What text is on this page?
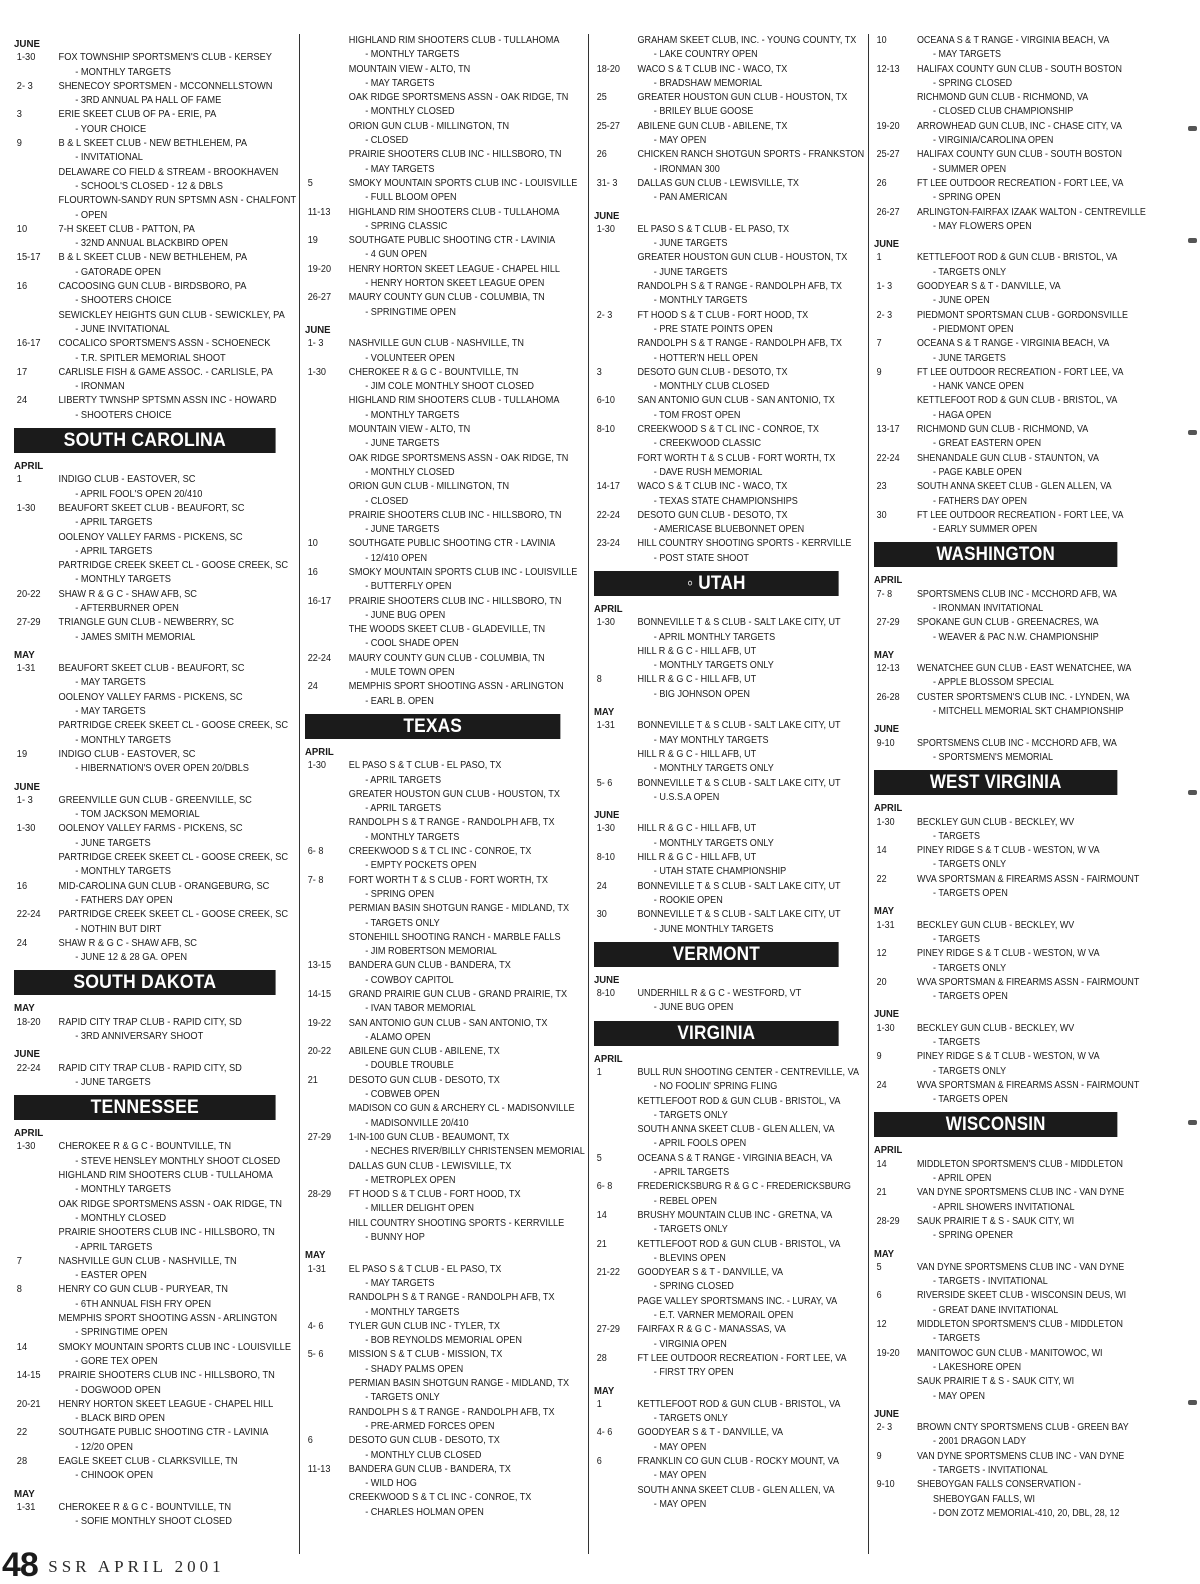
JUNE
1-30	FOX TOWNSHIP SPORTSMEN'S CLUB - KERSEY
- MONTHLY TARGETS
2- 3	SHENECOY SPORTSMEN - MCCONNELLSTOWN
- 3RD ANNUAL PA HALL OF FAME
3	ERIE SKEET CLUB OF PA - ERIE, PA
- YOUR CHOICE
9	B & L SKEET CLUB - NEW BETHLEHEM, PA
- INVITATIONAL
DELAWARE CO FIELD & STREAM - BROOKHAVEN
- SCHOOL'S CLOSED - 12 & DBLS
FLOURTOWN-SANDY RUN SPTSMN ASN - CHALFONT
- OPEN
10	7-H SKEET CLUB - PATTON, PA
- 32ND ANNUAL BLACKBIRD OPEN
15-17	B & L SKEET CLUB - NEW BETHLEHEM, PA
- GATORADE OPEN
16	CACOOSING GUN CLUB - BIRDSBORO, PA
- SHOOTERS CHOICE
SEWICKLEY HEIGHTS GUN CLUB - SEWICKLEY, PA
- JUNE INVITATIONAL
16-17	COCALICO SPORTSMEN'S ASSN - SCHOENECK
- T.R. SPITLER MEMORIAL SHOOT
17	CARLISLE FISH & GAME ASSOC. - CARLISLE, PA
- IRONMAN
24	LIBERTY TWNSHP SPTSMN ASSN INC - HOWARD
- SHOOTERS CHOICE
SOUTH CAROLINA
APRIL
1	INDIGO CLUB - EASTOVER, SC
- APRIL FOOL'S OPEN 20/410
1-30	BEAUFORT SKEET CLUB - BEAUFORT, SC
- APRIL TARGETS
OOLENOY VALLEY FARMS - PICKENS, SC
- APRIL TARGETS
PARTRIDGE CREEK SKEET CL - GOOSE CREEK, SC
- MONTHLY TARGETS
20-22	SHAW R & G C - SHAW AFB, SC
- AFTERBURNER OPEN
27-29	TRIANGLE GUN CLUB - NEWBERRY, SC
- JAMES SMITH MEMORIAL
MAY
1-31	BEAUFORT SKEET CLUB - BEAUFORT, SC
- MAY TARGETS
OOLENOY VALLEY FARMS - PICKENS, SC
- MAY TARGETS
PARTRIDGE CREEK SKEET CL - GOOSE CREEK, SC
- MONTHLY TARGETS
19	INDIGO CLUB - EASTOVER, SC
- HIBERNATION'S OVER OPEN 20/DBLS
JUNE
1- 3	GREENVILLE GUN CLUB - GREENVILLE, SC
- TOM JACKSON MEMORIAL
1-30	OOLENOY VALLEY FARMS - PICKENS, SC
- JUNE TARGETS
PARTRIDGE CREEK SKEET CL - GOOSE CREEK, SC
- MONTHLY TARGETS
16	MID-CAROLINA GUN CLUB - ORANGEBURG, SC
- FATHERS DAY OPEN
22-24	PARTRIDGE CREEK SKEET CL - GOOSE CREEK, SC
- NOTHIN BUT DIRT
24	SHAW R & G C - SHAW AFB, SC
- JUNE 12 & 28 GA. OPEN
SOUTH DAKOTA
MAY
18-20	RAPID CITY TRAP CLUB - RAPID CITY, SD
- 3RD ANNIVERSARY SHOOT
JUNE
22-24	RAPID CITY TRAP CLUB - RAPID CITY, SD
- JUNE TARGETS
TENNESSEE
APRIL
1-30	CHEROKEE R & G C - BOUNTVILLE, TN
- STEVE HENSLEY MONTHLY SHOOT CLOSED
HIGHLAND RIM SHOOTERS CLUB - TULLAHOMA
- MONTHLY TARGETS
OAK RIDGE SPORTSMENS ASSN - OAK RIDGE, TN
- MONTHLY CLOSED
PRAIRIE SHOOTERS CLUB INC - HILLSBORO, TN
- APRIL TARGETS
7	NASHVILLE GUN CLUB - NASHVILLE, TN
- EASTER OPEN
8	HENRY CO GUN CLUB - PURYEAR, TN
- 6TH ANNUAL FISH FRY OPEN
MEMPHIS SPORT SHOOTING ASSN - ARLINGTON
- SPRINGTIME OPEN
14	SMOKY MOUNTAIN SPORTS CLUB INC - LOUISVILLE
- GORE TEX OPEN
14-15	PRAIRIE SHOOTERS CLUB INC - HILLSBORO, TN
- DOGWOOD OPEN
20-21	HENRY HORTON SKEET LEAGUE - CHAPEL HILL
- BLACK BIRD OPEN
22	SOUTHGATE PUBLIC SHOOTING CTR - LAVINIA
- 12/20 OPEN
28	EAGLE SKEET CLUB - CLARKSVILLE, TN
- CHINOOK OPEN
MAY
1-31	CHEROKEE R & G C - BOUNTVILLE, TN
- SOFIE MONTHLY SHOOT CLOSED
HIGHLAND RIM SHOOTERS CLUB - TULLAHOMA
- MONTHLY TARGETS
MOUNTAIN VIEW - ALTO, TN
- MAY TARGETS
OAK RIDGE SPORTSMENS ASSN - OAK RIDGE, TN
- MONTHLY CLOSED
ORION GUN CLUB - MILLINGTON, TN
- CLOSED
PRAIRIE SHOOTERS CLUB INC - HILLSBORO, TN
- MAY TARGETS
5	SMOKY MOUNTAIN SPORTS CLUB INC - LOUISVILLE
- FULL BLOOM OPEN
11-13	HIGHLAND RIM SHOOTERS CLUB - TULLAHOMA
- SPRING CLASSIC
19	SOUTHGATE PUBLIC SHOOTING CTR - LAVINIA
- 4 GUN OPEN
19-20	HENRY HORTON SKEET LEAGUE - CHAPEL HILL
- HENRY HORTON SKEET LEAGUE OPEN
26-27	MAURY COUNTY GUN CLUB - COLUMBIA, TN
- SPRINGTIME OPEN
JUNE
1- 3	NASHVILLE GUN CLUB - NASHVILLE, TN
- VOLUNTEER OPEN
1-30	CHEROKEE R & G C - BOUNTVILLE, TN
- JIM COLE MONTHLY SHOOT CLOSED
HIGHLAND RIM SHOOTERS CLUB - TULLAHOMA
- MONTHLY TARGETS
MOUNTAIN VIEW - ALTO, TN
- JUNE TARGETS
OAK RIDGE SPORTSMENS ASSN - OAK RIDGE, TN
- MONTHLY CLOSED
ORION GUN CLUB - MILLINGTON, TN
- CLOSED
PRAIRIE SHOOTERS CLUB INC - HILLSBORO, TN
- JUNE TARGETS
10	SOUTHGATE PUBLIC SHOOTING CTR - LAVINIA
- 12/410 OPEN
16	SMOKY MOUNTAIN SPORTS CLUB INC - LOUISVILLE
- BUTTERFLY OPEN
16-17	PRAIRIE SHOOTERS CLUB INC - HILLSBORO, TN
- JUNE BUG OPEN
THE WOODS SKEET CLUB - GLADEVILLE, TN
- COOL SHADE OPEN
22-24	MAURY COUNTY GUN CLUB - COLUMBIA, TN
- MULE TOWN OPEN
24	MEMPHIS SPORT SHOOTING ASSN - ARLINGTON
- EARL B. OPEN
TEXAS
APRIL
1-30	EL PASO S & T CLUB - EL PASO, TX
- APRIL TARGETS
GREATER HOUSTON GUN CLUB - HOUSTON, TX
- APRIL TARGETS
RANDOLPH S & T RANGE - RANDOLPH AFB, TX
- MONTHLY TARGETS
6- 8	CREEKWOOD S & T CL INC - CONROE, TX
- EMPTY POCKETS OPEN
7- 8	FORT WORTH T & S CLUB - FORT WORTH, TX
- SPRING OPEN
PERMIAN BASIN SHOTGUN RANGE - MIDLAND, TX
- TARGETS ONLY
STONEHILL SHOOTING RANCH - MARBLE FALLS
- JIM ROBERTSON MEMORIAL
13-15	BANDERA GUN CLUB - BANDERA, TX
- COWBOY CAPITOL
14-15	GRAND PRAIRIE GUN CLUB - GRAND PRAIRIE, TX
- IVAN TABOR MEMORIAL
19-22	SAN ANTONIO GUN CLUB - SAN ANTONIO, TX
- ALAMO OPEN
20-22	ABILENE GUN CLUB - ABILENE, TX
- DOUBLE TROUBLE
21	DESOTO GUN CLUB - DESOTO, TX
- COBWEB OPEN
MADISON CO GUN & ARCHERY CL - MADISONVILLE
- MADISONVILLE 20/410
27-29	1-IN-100 GUN CLUB - BEAUMONT, TX
- NECHES RIVER/BILLY CHRISTENSEN MEMORIAL
DALLAS GUN CLUB - LEWISVILLE, TX
- METROPLEX OPEN
28-29	FT HOOD S & T CLUB - FORT HOOD, TX
- MILLER DELIGHT OPEN
HILL COUNTRY SHOOTING SPORTS - KERRVILLE
- BUNNY HOP
MAY
1-31	EL PASO S & T CLUB - EL PASO, TX
- MAY TARGETS
RANDOLPH S & T RANGE - RANDOLPH AFB, TX
- MONTHLY TARGETS
4- 6	TYLER GUN CLUB INC - TYLER, TX
- BOB REYNOLDS MEMORIAL OPEN
5- 6	MISSION S & T CLUB - MISSION, TX
- SHADY PALMS OPEN
PERMIAN BASIN SHOTGUN RANGE - MIDLAND, TX
- TARGETS ONLY
RANDOLPH S & T RANGE - RANDOLPH AFB, TX
- PRE-ARMED FORCES OPEN
6	DESOTO GUN CLUB - DESOTO, TX
- MONTHLY CLUB CLOSED
11-13	BANDERA GUN CLUB - BANDERA, TX
- WILD HOG
CREEKWOOD S & T CL INC - CONROE, TX
- CHARLES HOLMAN OPEN
GRAHAM SKEET CLUB, INC. - YOUNG COUNTY, TX
- LAKE COUNTRY OPEN
18-20	WACO S & T CLUB INC - WACO, TX
- BRADSHAW MEMORIAL
25	GREATER HOUSTON GUN CLUB - HOUSTON, TX
- BRILEY BLUE GOOSE
25-27	ABILENE GUN CLUB - ABILENE, TX
- MAY OPEN
26	CHICKEN RANCH SHOTGUN SPORTS - FRANKSTON
- IRONMAN 300
31- 3	DALLAS GUN CLUB - LEWISVILLE, TX
- PAN AMERICAN
JUNE
1-30	EL PASO S & T CLUB - EL PASO, TX
- JUNE TARGETS
GREATER HOUSTON GUN CLUB - HOUSTON, TX
- JUNE TARGETS
RANDOLPH S & T RANGE - RANDOLPH AFB, TX
- MONTHLY TARGETS
2- 3	FT HOOD S & T CLUB - FORT HOOD, TX
- PRE STATE POINTS OPEN
RANDOLPH S & T RANGE - RANDOLPH AFB, TX
- HOTTER'N HELL OPEN
3	DESOTO GUN CLUB - DESOTO, TX
- MONTHLY CLUB CLOSED
6-10	SAN ANTONIO GUN CLUB - SAN ANTONIO, TX
- TOM FROST OPEN
8-10	CREEKWOOD S & T CL INC - CONROE, TX
- CREEKWOOD CLASSIC
FORT WORTH T & S CLUB - FORT WORTH, TX
- DAVE RUSH MEMORIAL
14-17	WACO S & T CLUB INC - WACO, TX
- TEXAS STATE CHAMPIONSHIPS
22-24	DESOTO GUN CLUB - DESOTO, TX
- AMERICASE BLUEBONNET OPEN
23-24	HILL COUNTRY SHOOTING SPORTS - KERRVILLE
- POST STATE SHOOT
◦ UTAH
APRIL
1-30	BONNEVILLE T & S CLUB - SALT LAKE CITY, UT
- APRIL MONTHLY TARGETS
HILL R & G C - HILL AFB, UT
- MONTHLY TARGETS ONLY
8	HILL R & G C - HILL AFB, UT
- BIG JOHNSON OPEN
MAY
1-31	BONNEVILLE T & S CLUB - SALT LAKE CITY, UT
- MAY MONTHLY TARGETS
HILL R & G C - HILL AFB, UT
- MONTHLY TARGETS ONLY
5- 6	BONNEVILLE T & S CLUB - SALT LAKE CITY, UT
- U.S.S.A OPEN
JUNE
1-30	HILL R & G C - HILL AFB, UT
- MONTHLY TARGETS ONLY
8-10	HILL R & G C - HILL AFB, UT
- UTAH STATE CHAMPIONSHIP
24	BONNEVILLE T & S CLUB - SALT LAKE CITY, UT
- ROOKIE OPEN
30	BONNEVILLE T & S CLUB - SALT LAKE CITY, UT
- JUNE MONTHLY TARGETS
VERMONT
JUNE
8-10	UNDERHILL R & G C - WESTFORD, VT
- JUNE BUG OPEN
VIRGINIA
APRIL
1	BULL RUN SHOOTING CENTER - CENTREVILLE, VA
- NO FOOLIN' SPRING FLING
KETTLEFOOT ROD & GUN CLUB - BRISTOL, VA
- TARGETS ONLY
SOUTH ANNA SKEET CLUB - GLEN ALLEN, VA
- APRIL FOOLS OPEN
5	OCEANA S & T RANGE - VIRGINIA BEACH, VA
- APRIL TARGETS
6- 8	FREDERICKSBURG R & G C - FREDERICKSBURG
- REBEL OPEN
14	BRUSHY MOUNTAIN CLUB INC - GRETNA, VA
- TARGETS ONLY
21	KETTLEFOOT ROD & GUN CLUB - BRISTOL, VA
- BLEVINS OPEN
21-22	GOODYEAR S & T - DANVILLE, VA
- SPRING CLOSED
PAGE VALLEY SPORTSMANS INC. - LURAY, VA
- E.T. VARNER MEMORAIL OPEN
27-29	FAIRFAX R & G C - MANASSAS, VA
- VIRGINIA OPEN
28	FT LEE OUTDOOR RECREATION - FORT LEE, VA
- FIRST TRY OPEN
MAY
1	KETTLEFOOT ROD & GUN CLUB - BRISTOL, VA
- TARGETS ONLY
4- 6	GOODYEAR S & T - DANVILLE, VA
- MAY OPEN
6	FRANKLIN CO GUN CLUB - ROCKY MOUNT, VA
- MAY OPEN
SOUTH ANNA SKEET CLUB - GLEN ALLEN, VA
- MAY OPEN
10	OCEANA S & T RANGE - VIRGINIA BEACH, VA
- MAY TARGETS
12-13	HALIFAX COUNTY GUN CLUB - SOUTH BOSTON
- SPRING CLOSED
RICHMOND GUN CLUB - RICHMOND, VA
- CLOSED CLUB CHAMPIONSHIP
19-20	ARROWHEAD GUN CLUB, INC - CHASE CITY, VA
- VIRGINIA/CAROLINA OPEN
25-27	HALIFAX COUNTY GUN CLUB - SOUTH BOSTON
- SUMMER OPEN
26	FT LEE OUTDOOR RECREATION - FORT LEE, VA
- SPRING OPEN
26-27	ARLINGTON-FAIRFAX IZAAK WALTON - CENTREVILLE
- MAY FLOWERS OPEN
JUNE
1	KETTLEFOOT ROD & GUN CLUB - BRISTOL, VA
- TARGETS ONLY
1- 3	GOODYEAR S & T - DANVILLE, VA
- JUNE OPEN
2- 3	PIEDMONT SPORTSMAN CLUB - GORDONSVILLE
- PIEDMONT OPEN
7	OCEANA S & T RANGE - VIRGINIA BEACH, VA
- JUNE TARGETS
9	FT LEE OUTDOOR RECREATION - FORT LEE, VA
- HANK VANCE OPEN
KETTLEFOOT ROD & GUN CLUB - BRISTOL, VA
- HAGA OPEN
13-17	RICHMOND GUN CLUB - RICHMOND, VA
- GREAT EASTERN OPEN
22-24	SHENANDALE GUN CLUB - STAUNTON, VA
- PAGE KABLE OPEN
23	SOUTH ANNA SKEET CLUB - GLEN ALLEN, VA
- FATHERS DAY OPEN
30	FT LEE OUTDOOR RECREATION - FORT LEE, VA
- EARLY SUMMER OPEN
WASHINGTON
APRIL
7- 8	SPORTSMENS CLUB INC - MCCHORD AFB, WA
- IRONMAN INVITATIONAL
27-29	SPOKANE GUN CLUB - GREENACRES, WA
- WEAVER & PAC N.W. CHAMPIONSHIP
MAY
12-13	WENATCHEE GUN CLUB - EAST WENATCHEE, WA
- APPLE BLOSSOM SPECIAL
26-28	CUSTER SPORTSMEN'S CLUB INC. - LYNDEN, WA
- MITCHELL MEMORIAL SKT CHAMPIONSHIP
JUNE
9-10	SPORTSMENS CLUB INC - MCCHORD AFB, WA
- SPORTSMEN'S MEMORIAL
WEST VIRGINIA
APRIL
1-30	BECKLEY GUN CLUB - BECKLEY, WV
- TARGETS
14	PINEY RIDGE S & T CLUB - WESTON, W VA
- TARGETS ONLY
22	WVA SPORTSMAN & FIREARMS ASSN - FAIRMOUNT
- TARGETS OPEN
MAY
1-31	BECKLEY GUN CLUB - BECKLEY, WV
- TARGETS
12	PINEY RIDGE S & T CLUB - WESTON, W VA
- TARGETS ONLY
20	WVA SPORTSMAN & FIREARMS ASSN - FAIRMOUNT
- TARGETS OPEN
JUNE
1-30	BECKLEY GUN CLUB - BECKLEY, WV
- TARGETS
9	PINEY RIDGE S & T CLUB - WESTON, W VA
- TARGETS ONLY
24	WVA SPORTSMAN & FIREARMS ASSN - FAIRMOUNT
- TARGETS OPEN
WISCONSIN
APRIL
14	MIDDLETON SPORTSMEN'S CLUB - MIDDLETON
- APRIL OPEN
21	VAN DYNE SPORTSMENS CLUB INC - VAN DYNE
- APRIL SHOWERS INVITATIONAL
28-29	SAUK PRAIRIE T & S - SAUK CITY, WI
- SPRING OPENER
MAY
5	VAN DYNE SPORTSMENS CLUB INC - VAN DYNE
- TARGETS - INVITATIONAL
6	RIVERSIDE SKEET CLUB - WISCONSIN DEUS, WI
- GREAT DANE INVITATIONAL
12	MIDDLETON SPORTSMEN'S CLUB - MIDDLETON
- TARGETS
19-20	MANITOWOC GUN CLUB - MANITOWOC, WI
- LAKESHORE OPEN
SAUK PRAIRIE T & S - SAUK CITY, WI
- MAY OPEN
JUNE
2- 3	BROWN CNTY SPORTSMENS CLUB - GREEN BAY
- 2001 DRAGON LADY
9	VAN DYNE SPORTSMENS CLUB INC - VAN DYNE
- TARGETS - INVITATIONAL
9-10	SHEBOYGAN FALLS CONSERVATION -
SHEBOYGAN FALLS, WI
- DON ZOTZ MEMORIAL-410, 20, DBL, 28, 12
48 SSR APRIL 2001
